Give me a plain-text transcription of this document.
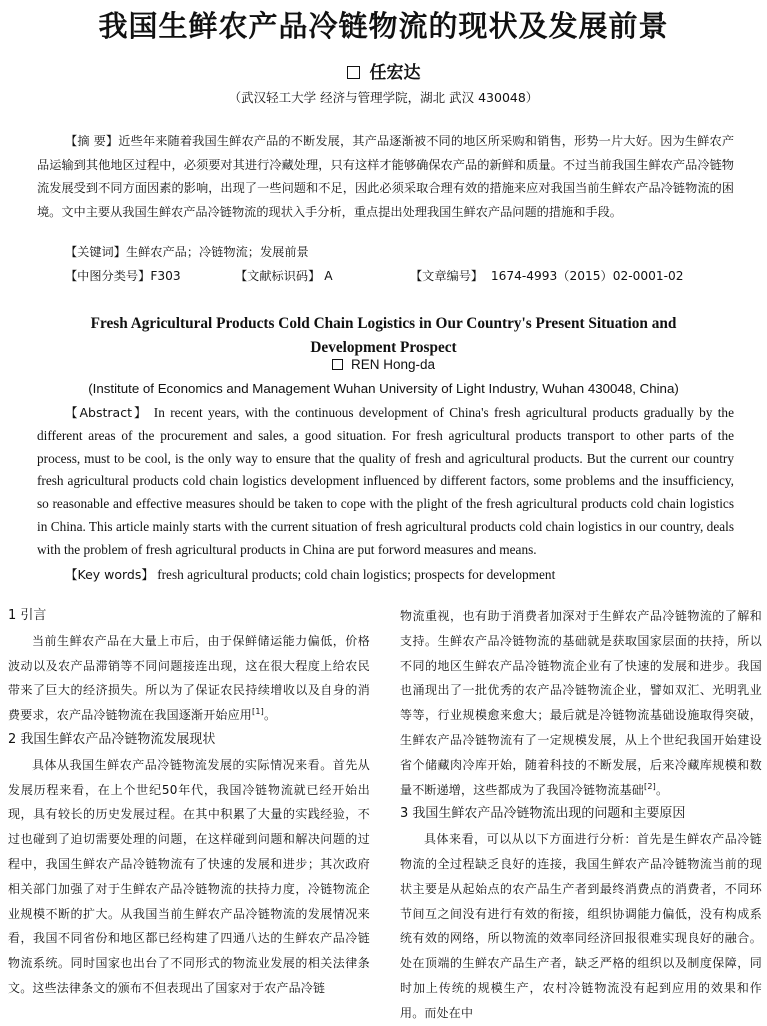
我国生鲜农产品冷链物流的现状及发展前景
任宏达
（武汉轻工大学 经济与管理学院，湖北 武汉 430048）

【摘 要】近些年来随着我国生鲜农产品的不断发展，其产品逐渐被不同的地区所采购和销售，形势一片大好。因为生鲜农产品运输到其他地区过程中，必须要对其进行冷藏处理，只有这样才能够确保农产品的新鲜和质量。不过当前我国生鲜农产品冷链物流发展受到不同方面因素的影响，出现了一些问题和不足，因此必须采取合理有效的措施来应对我国当前生鲜农产品冷链物流的困境。文中主要从我国生鲜农产品冷链物流的现状入手分析，重点提出处理我国生鲜农产品问题的措施和手段。

【关键词】生鲜农产品；冷链物流；发展前景

【中图分类号】F303	【文献标识码】 A	【文章编号】 1674-4993（2015）02-0001-02

Fresh Agricultural Products Cold Chain Logistics in Our Country's Present Situation and
Development Prospect
REN Hong-da
(Institute of Economics and Management Wuhan University of Light Industry, Wuhan 430048, China)

【Abstract】 In recent years, with the continuous development of China's fresh agricultural products gradually by the different areas of the procurement and sales, a good situation. For fresh agricultural products transport to other parts of the process, must to be cool, is the only way to ensure that the quality of fresh and agricultural products. But the current our country fresh agricultural products cold chain logistics development influenced by different factors, some problems and the insufficiency, so reasonable and effective measures should be taken to cope with the plight of the fresh agricultural products cold chain logistics in China. This article mainly starts with the current situation of fresh agricultural products cold chain logistics in our country, deals with the problem of fresh agricultural products in China are put forword measures and means.

【Key words】 fresh agricultural products; cold chain logistics; prospects for development

1 引言

当前生鲜农产品在大量上市后，由于保鲜储运能力偏低，价格波动以及农产品滞销等不同问题接连出现，这在很大程度上给农民带来了巨大的经济损失。所以为了保证农民持续增收以及自身的消费要求，农产品冷链物流在我国逐渐开始应用[1]。

2 我国生鲜农产品冷链物流发展现状

具体从我国生鲜农产品冷链物流发展的实际情况来看。首先从发展历程来看，在上个世纪50年代，我国冷链物流就已经开始出现，具有较长的历史发展过程。在其中积累了大量的实践经验，不过也碰到了迫切需要处理的问题，在这样碰到问题和解决问题的过程中，我国生鲜农产品冷链物流有了快速的发展和进步；其次政府相关部门加强了对于生鲜农产品冷链物流的扶持力度，冷链物流企业规模不断的扩大。从我国当前生鲜农产品冷链物流的发展情况来看，我国不同省份和地区都已经构建了四通八达的生鲜农产品冷链物流系统。同时国家也出台了不同形式的物流业发展的相关法律条文。这些法律条文的颁布不但表现出了国家对于农产品冷链

物流重视，也有助于消费者加深对于生鲜农产品冷链物流的了解和支持。生鲜农产品冷链物流的基础就是获取国家层面的扶持，所以不同的地区生鲜农产品冷链物流企业有了快速的发展和进步。我国也涌现出了一批优秀的农产品冷链物流企业，譬如双汇、光明乳业等等，行业规模愈来愈大；最后就是冷链物流基础设施取得突破，生鲜农产品冷链物流有了一定规模发展，从上个世纪我国开始建设省个储藏肉冷库开始，随着科技的不断发展，后来冷藏库规模和数量不断递增，这些都成为了我国冷链物流基础[2]。

3 我国生鲜农产品冷链物流出现的问题和主要原因

具体来看，可以从以下方面进行分析：首先是生鲜农产品冷链物流的全过程缺乏良好的连接，我国生鲜农产品冷链物流当前的现状主要是从起始点的农产品生产者到最终消费点的消费者，不同环节间互之间没有进行有效的衔接，组织协调能力偏低，没有构成系统有效的网络，所以物流的效率同经济回报很难实现良好的融合。处在顶端的生鲜农产品生产者，缺乏严格的组织以及制度保障，同时加上传统的规模生产，农村冷链物流没有起到应用的效果和作用。而处在中
